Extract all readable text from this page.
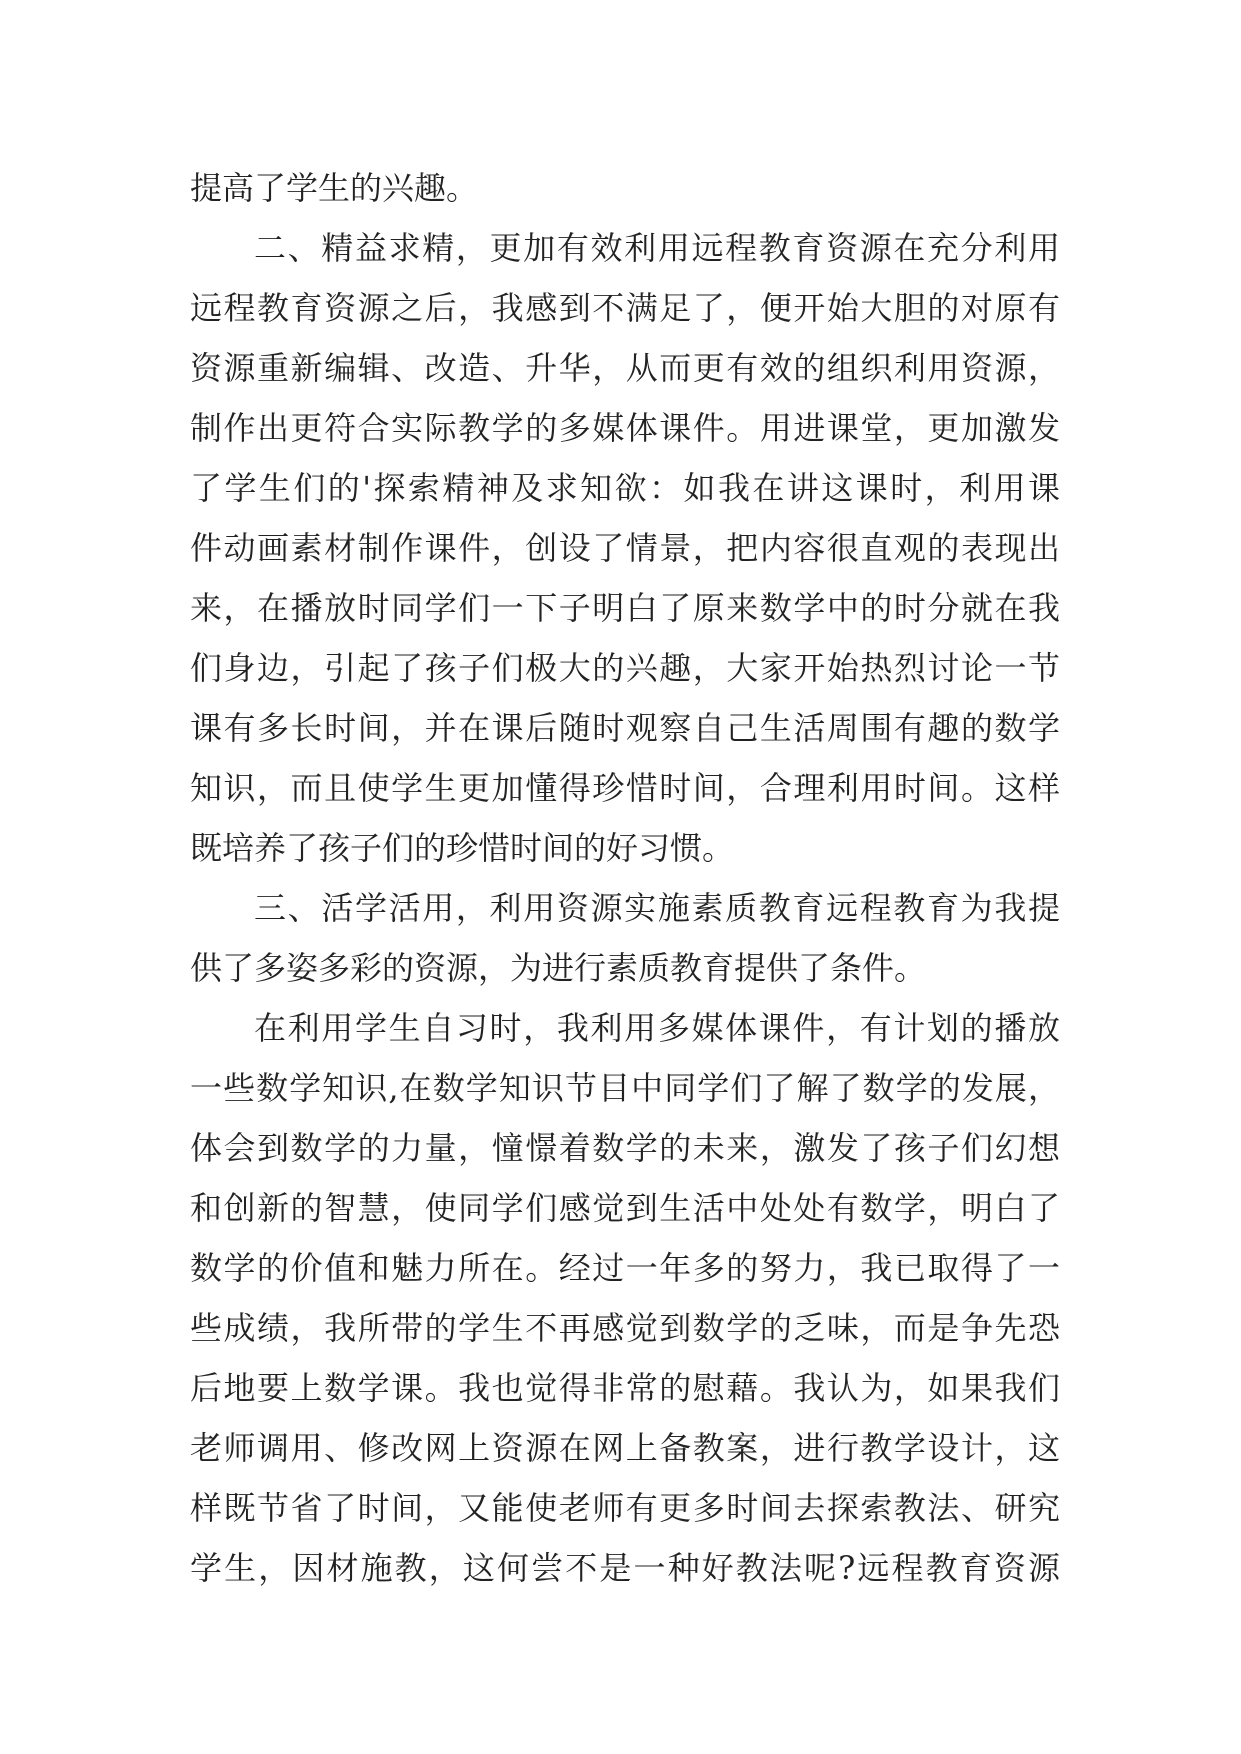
提高了学生的兴趣。
二、精益求精，更加有效利用远程教育资源在充分利用
远程教育资源之后，我感到不满足了，便开始大胆的对原有
资源重新编辑、改造、升华，从而更有效的组织利用资源，
制作出更符合实际教学的多媒体课件。用进课堂，更加激发
了学生们的'探索精神及求知欲：如我在讲这课时，利用课
件动画素材制作课件，创设了情景，把内容很直观的表现出
来，在播放时同学们一下子明白了原来数学中的时分就在我
们身边，引起了孩子们极大的兴趣，大家开始热烈讨论一节
课有多长时间，并在课后随时观察自己生活周围有趣的数学
知识，而且使学生更加懂得珍惜时间，合理利用时间。这样
既培养了孩子们的珍惜时间的好习惯。
三、活学活用，利用资源实施素质教育远程教育为我提
供了多姿多彩的资源，为进行素质教育提供了条件。
在利用学生自习时，我利用多媒体课件，有计划的播放
一些数学知识,在数学知识节目中同学们了解了数学的发展，
体会到数学的力量，憧憬着数学的未来，激发了孩子们幻想
和创新的智慧，使同学们感觉到生活中处处有数学，明白了
数学的价值和魅力所在。经过一年多的努力，我已取得了一
些成绩，我所带的学生不再感觉到数学的乏味，而是争先恐
后地要上数学课。我也觉得非常的慰藉。我认为，如果我们
老师调用、修改网上资源在网上备教案，进行教学设计，这
样既节省了时间，又能使老师有更多时间去探索教法、研究
学生，因材施教，这何尝不是一种好教法呢?远程教育资源
